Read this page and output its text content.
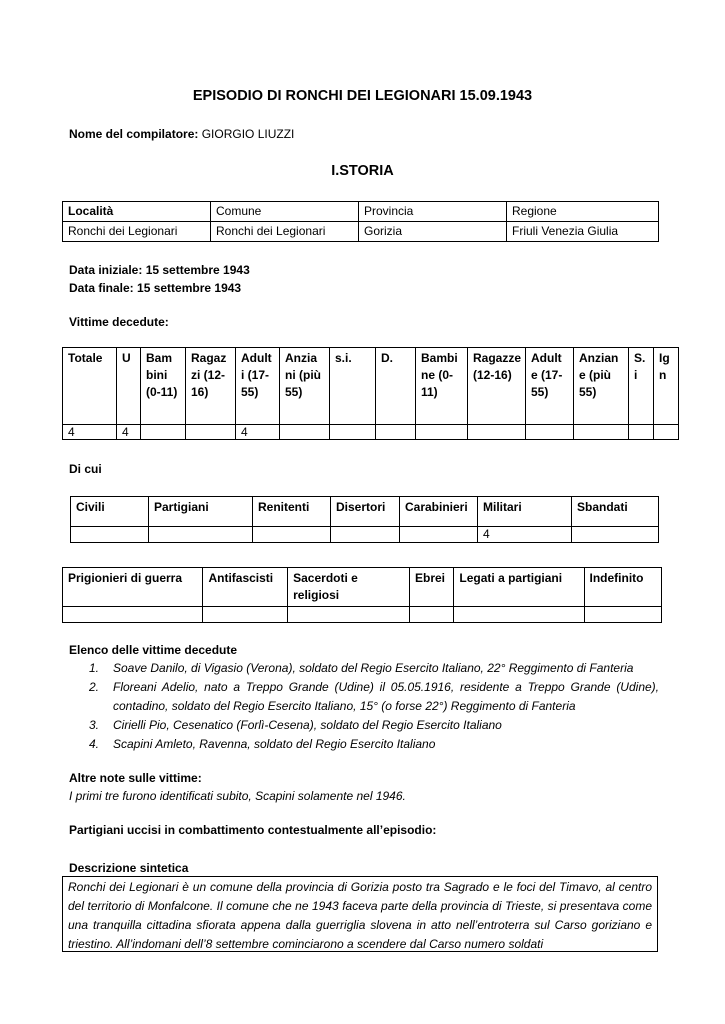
EPISODIO DI RONCHI DEI LEGIONARI 15.09.1943
Nome del compilatore: GIORGIO LIUZZI
I.STORIA
Località	Comune	Provincia	Regione
Ronchi dei Legionari	Ronchi dei Legionari	Gorizia	Friuli Venezia Giulia
Data iniziale: 15 settembre 1943
Data finale: 15 settembre 1943
Vittime decedute:
Totale	U	Bam bini (0-11)	Ragaz zi (12-16)	Adult i (17-55)	Anzia ni (più 55)	s.i.	D.	Bambi ne (0-11)	Ragazze (12-16)	Adult e (17-55)	Anzian e (più 55)	S. i	Ig n
4	4			4									
Di cui
Civili	Partigiani	Renitenti	Disertori	Carabinieri	Militari	Sbandati
					4	
Prigionieri di guerra	Antifascisti	Sacerdoti e religiosi	Ebrei	Legati a partigiani	Indefinito

Elenco delle vittime decedute
1. Soave Danilo, di Vigasio (Verona), soldato del Regio Esercito Italiano, 22° Reggimento di Fanteria
2. Floreani Adelio, nato a Treppo Grande (Udine) il 05.05.1916, residente a Treppo Grande (Udine), contadino, soldato del Regio Esercito Italiano, 15° (o forse 22°) Reggimento di Fanteria
3. Cirielli Pio, Cesenatico (Forlì-Cesena), soldato del Regio Esercito Italiano
4. Scapini Amleto, Ravenna, soldato del Regio Esercito Italiano
Altre note sulle vittime:
I primi tre furono identificati subito, Scapini solamente nel 1946.
Partigiani uccisi in combattimento contestualmente all’episodio:
Descrizione sintetica
Ronchi dei Legionari è un comune della provincia di Gorizia posto tra Sagrado e le foci del Timavo, al centro del territorio di Monfalcone. Il comune che ne 1943 faceva parte della provincia di Trieste, si presentava come una tranquilla cittadina sfiorata appena dalla guerriglia slovena in atto nell’entroterra sul Carso goriziano e triestino. All’indomani dell’8 settembre cominciarono a scendere dal Carso numero soldati
